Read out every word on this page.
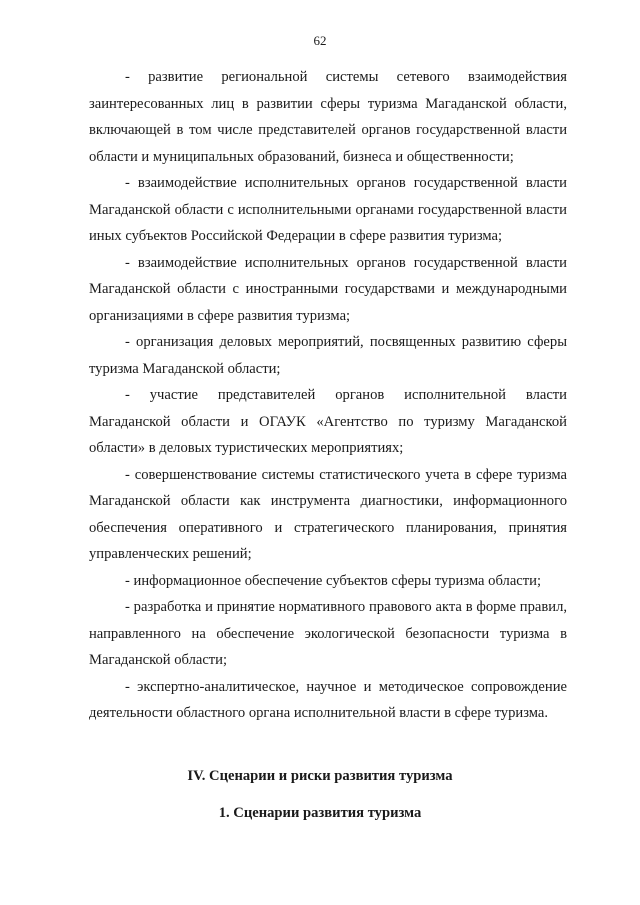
62

- развитие региональной системы сетевого взаимодействия заинтересованных лиц в развитии сферы туризма Магаданской области, включающей в том числе представителей органов государственной власти области и муниципальных образований, бизнеса и общественности;

- взаимодействие исполнительных органов государственной власти Магаданской области с исполнительными органами государственной власти иных субъектов Российской Федерации в сфере развития туризма;

- взаимодействие исполнительных органов государственной власти Магаданской области с иностранными государствами и международными организациями в сфере развития туризма;

- организация деловых мероприятий, посвященных развитию сферы туризма Магаданской области;

- участие представителей органов исполнительной власти Магаданской области и ОГАУК «Агентство по туризму Магаданской области» в деловых туристических мероприятиях;

- совершенствование системы статистического учета в сфере туризма Магаданской области как инструмента диагностики, информационного обеспечения оперативного и стратегического планирования, принятия управленческих решений;

- информационное обеспечение субъектов сферы туризма области;

- разработка и принятие нормативного правового акта в форме правил, направленного на обеспечение экологической безопасности туризма в Магаданской области;

- экспертно-аналитическое, научное и методическое сопровождение деятельности областного органа исполнительной власти в сфере туризма.

IV. Сценарии и риски развития туризма
1. Сценарии развития туризма
